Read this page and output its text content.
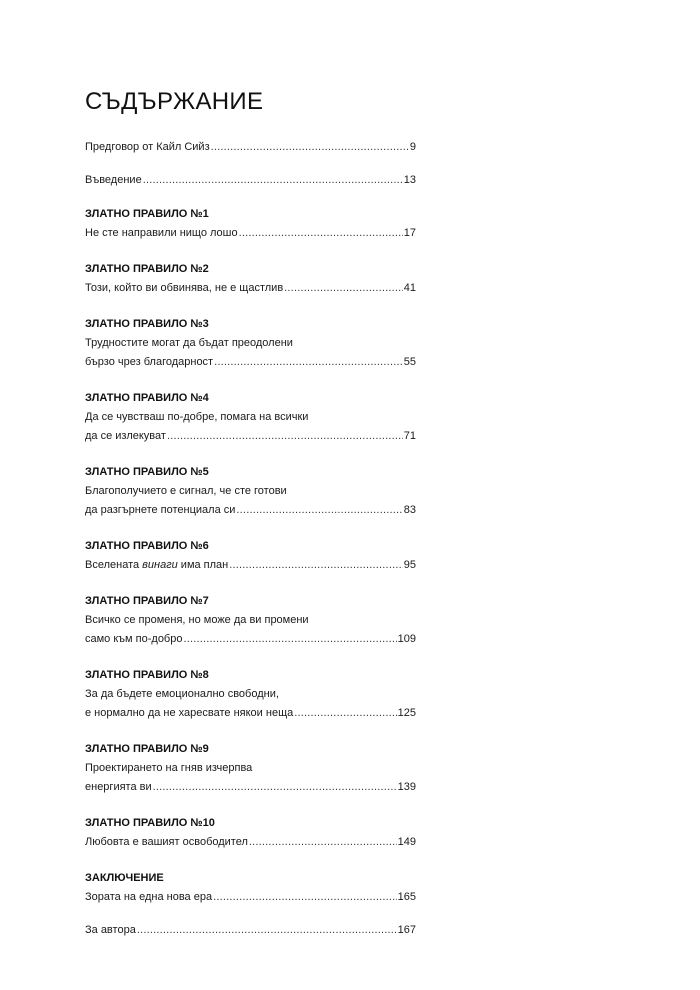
СЪДЪРЖАНИЕ
Предговор от Кайл Сийз .....	9
Въведение .....	13
ЗЛАТНО ПРАВИЛО №1
Не сте направили нищо лошо .....	17
ЗЛАТНО ПРАВИЛО №2
Този, който ви обвинява, не е щастлив .....	41
ЗЛАТНО ПРАВИЛО №3
Трудностите могат да бъдат преодолени
бързо чрез благодарност .....	55
ЗЛАТНО ПРАВИЛО №4
Да се чувстваш по-добре, помага на всички
да се излекуват .....	71
ЗЛАТНО ПРАВИЛО №5
Благополучието е сигнал, че сте готови
да разгърнете потенциала си .....	83
ЗЛАТНО ПРАВИЛО №6
Вселената винаги има план .....	95
ЗЛАТНО ПРАВИЛО №7
Всичко се променя, но може да ви промени
само към по-добро .....	109
ЗЛАТНО ПРАВИЛО №8
За да бъдете емоционално свободни,
е нормално да не харесвате някои неща .....	125
ЗЛАТНО ПРАВИЛО №9
Проектирането на гняв изчерпва
енергията ви .....	139
ЗЛАТНО ПРАВИЛО №10
Любовта е вашият освободител .....	149
ЗАКЛЮЧЕНИЕ
Зората на една нова ера .....	165
За автора .....	167
